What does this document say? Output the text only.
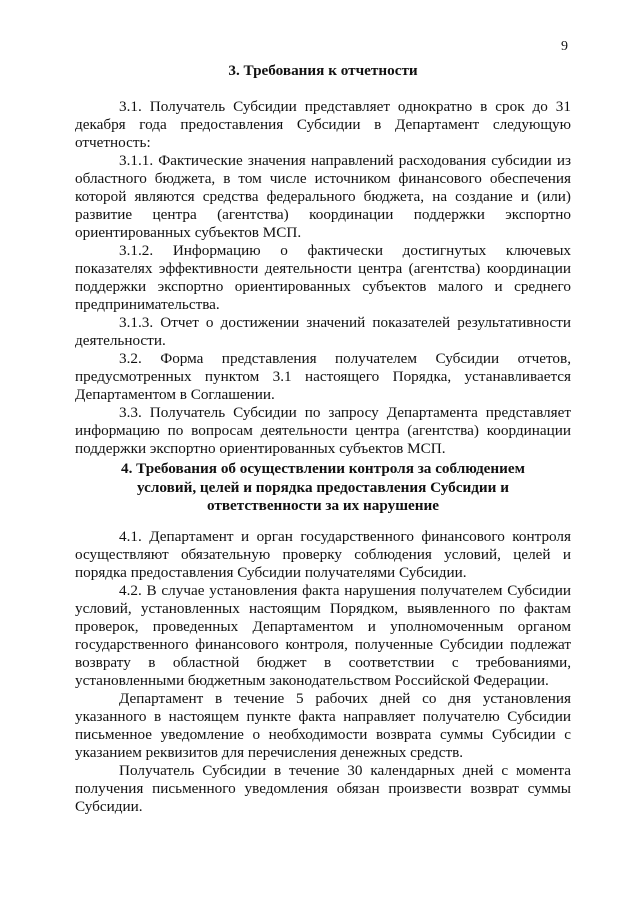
9
3. Требования к отчетности

3.1. Получатель Субсидии представляет однократно в срок до 31 декабря года предоставления Субсидии в Департамент следующую отчетность:

3.1.1. Фактические значения направлений расходования субсидии из областного бюджета, в том числе источником финансового обеспечения которой являются средства федерального бюджета, на создание и (или) развитие центра (агентства) координации поддержки экспортно ориентированных субъектов МСП.

3.1.2. Информацию о фактически достигнутых ключевых показателях эффективности деятельности центра (агентства) координации поддержки экспортно ориентированных субъектов малого и среднего предпринимательства.

3.1.3. Отчет о достижении значений показателей результативности деятельности.

3.2. Форма представления получателем Субсидии отчетов, предусмотренных пунктом 3.1 настоящего Порядка, устанавливается Департаментом в Соглашении.

3.3. Получатель Субсидии по запросу Департамента представляет информацию по вопросам деятельности центра (агентства) координации поддержки экспортно ориентированных субъектов МСП.

4. Требования об осуществлении контроля за соблюдением
условий, целей и порядка предоставления Субсидии и
ответственности за их нарушение

4.1. Департамент и орган государственного финансового контроля осуществляют обязательную проверку соблюдения условий, целей и порядка предоставления Субсидии получателями Субсидии.

4.2. В случае установления факта нарушения получателем Субсидии условий, установленных настоящим Порядком, выявленного по фактам проверок, проведенных Департаментом и уполномоченным органом государственного финансового контроля, полученные Субсидии подлежат возврату в областной бюджет в соответствии с требованиями, установленными бюджетным законодательством Российской Федерации.

Департамент в течение 5 рабочих дней со дня установления указанного в настоящем пункте факта направляет получателю Субсидии письменное уведомление о необходимости возврата суммы Субсидии с указанием реквизитов для перечисления денежных средств.

Получатель Субсидии в течение 30 календарных дней с момента получения письменного уведомления обязан произвести возврат суммы Субсидии.
